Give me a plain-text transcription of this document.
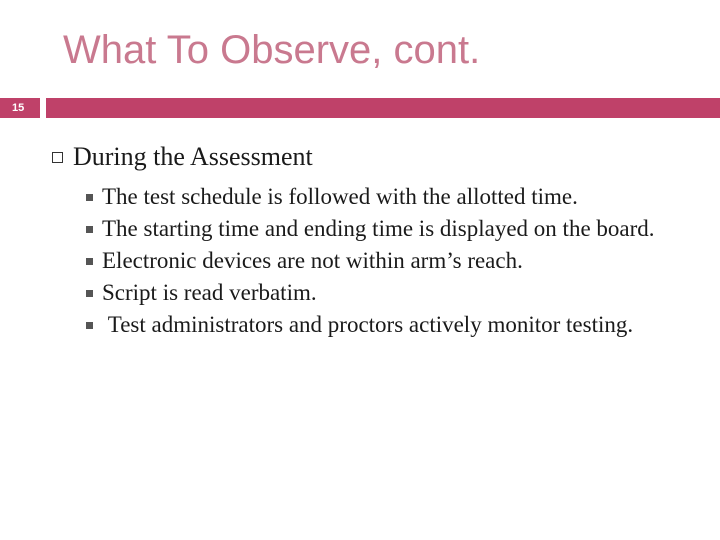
What To Observe, cont.
15
During the Assessment
The test schedule is followed with the allotted time.
The starting time and ending time is displayed on the board.
Electronic devices are not within arm’s reach.
Script is read verbatim.
Test administrators and proctors actively monitor testing.
